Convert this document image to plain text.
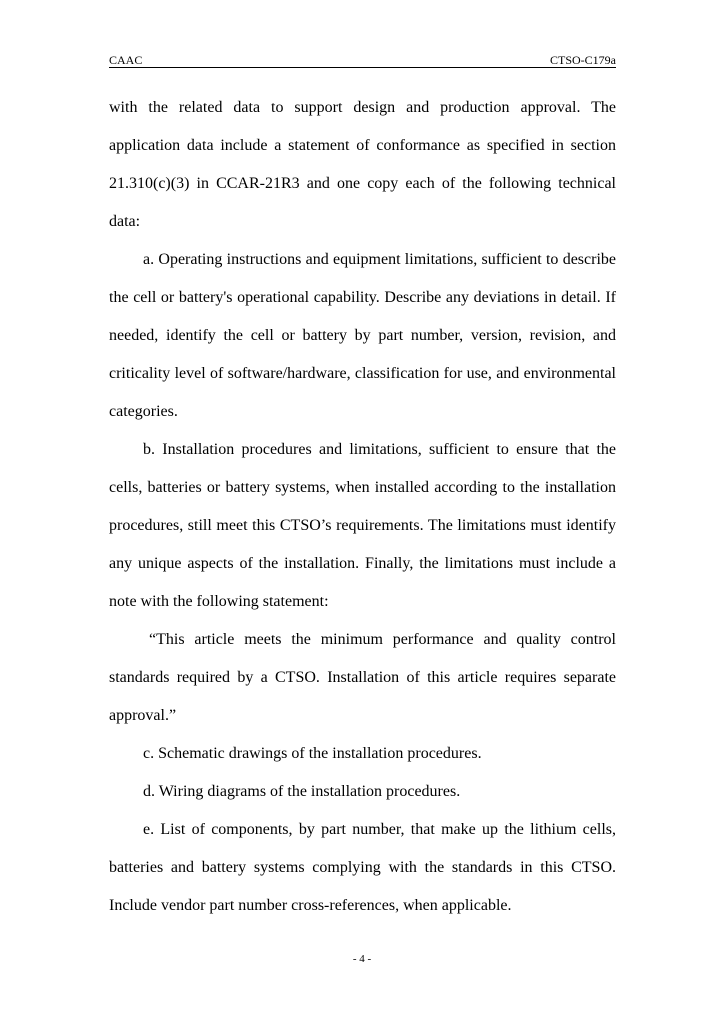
CAAC	CTSO-C179a

with the related data to support design and production approval. The application data include a statement of conformance as specified in section 21.310(c)(3) in CCAR-21R3 and one copy each of the following technical data:

a. Operating instructions and equipment limitations, sufficient to describe the cell or battery's operational capability. Describe any deviations in detail. If needed, identify the cell or battery by part number, version, revision, and criticality level of software/hardware, classification for use, and environmental categories.

b. Installation procedures and limitations, sufficient to ensure that the cells, batteries or battery systems, when installed according to the installation procedures, still meet this CTSO’s requirements. The limitations must identify any unique aspects of the installation. Finally, the limitations must include a note with the following statement:

“This article meets the minimum performance and quality control standards required by a CTSO. Installation of this article requires separate approval.”

c. Schematic drawings of the installation procedures.

d. Wiring diagrams of the installation procedures.

e. List of components, by part number, that make up the lithium cells, batteries and battery systems complying with the standards in this CTSO. Include vendor part number cross-references, when applicable.

- 4 -
